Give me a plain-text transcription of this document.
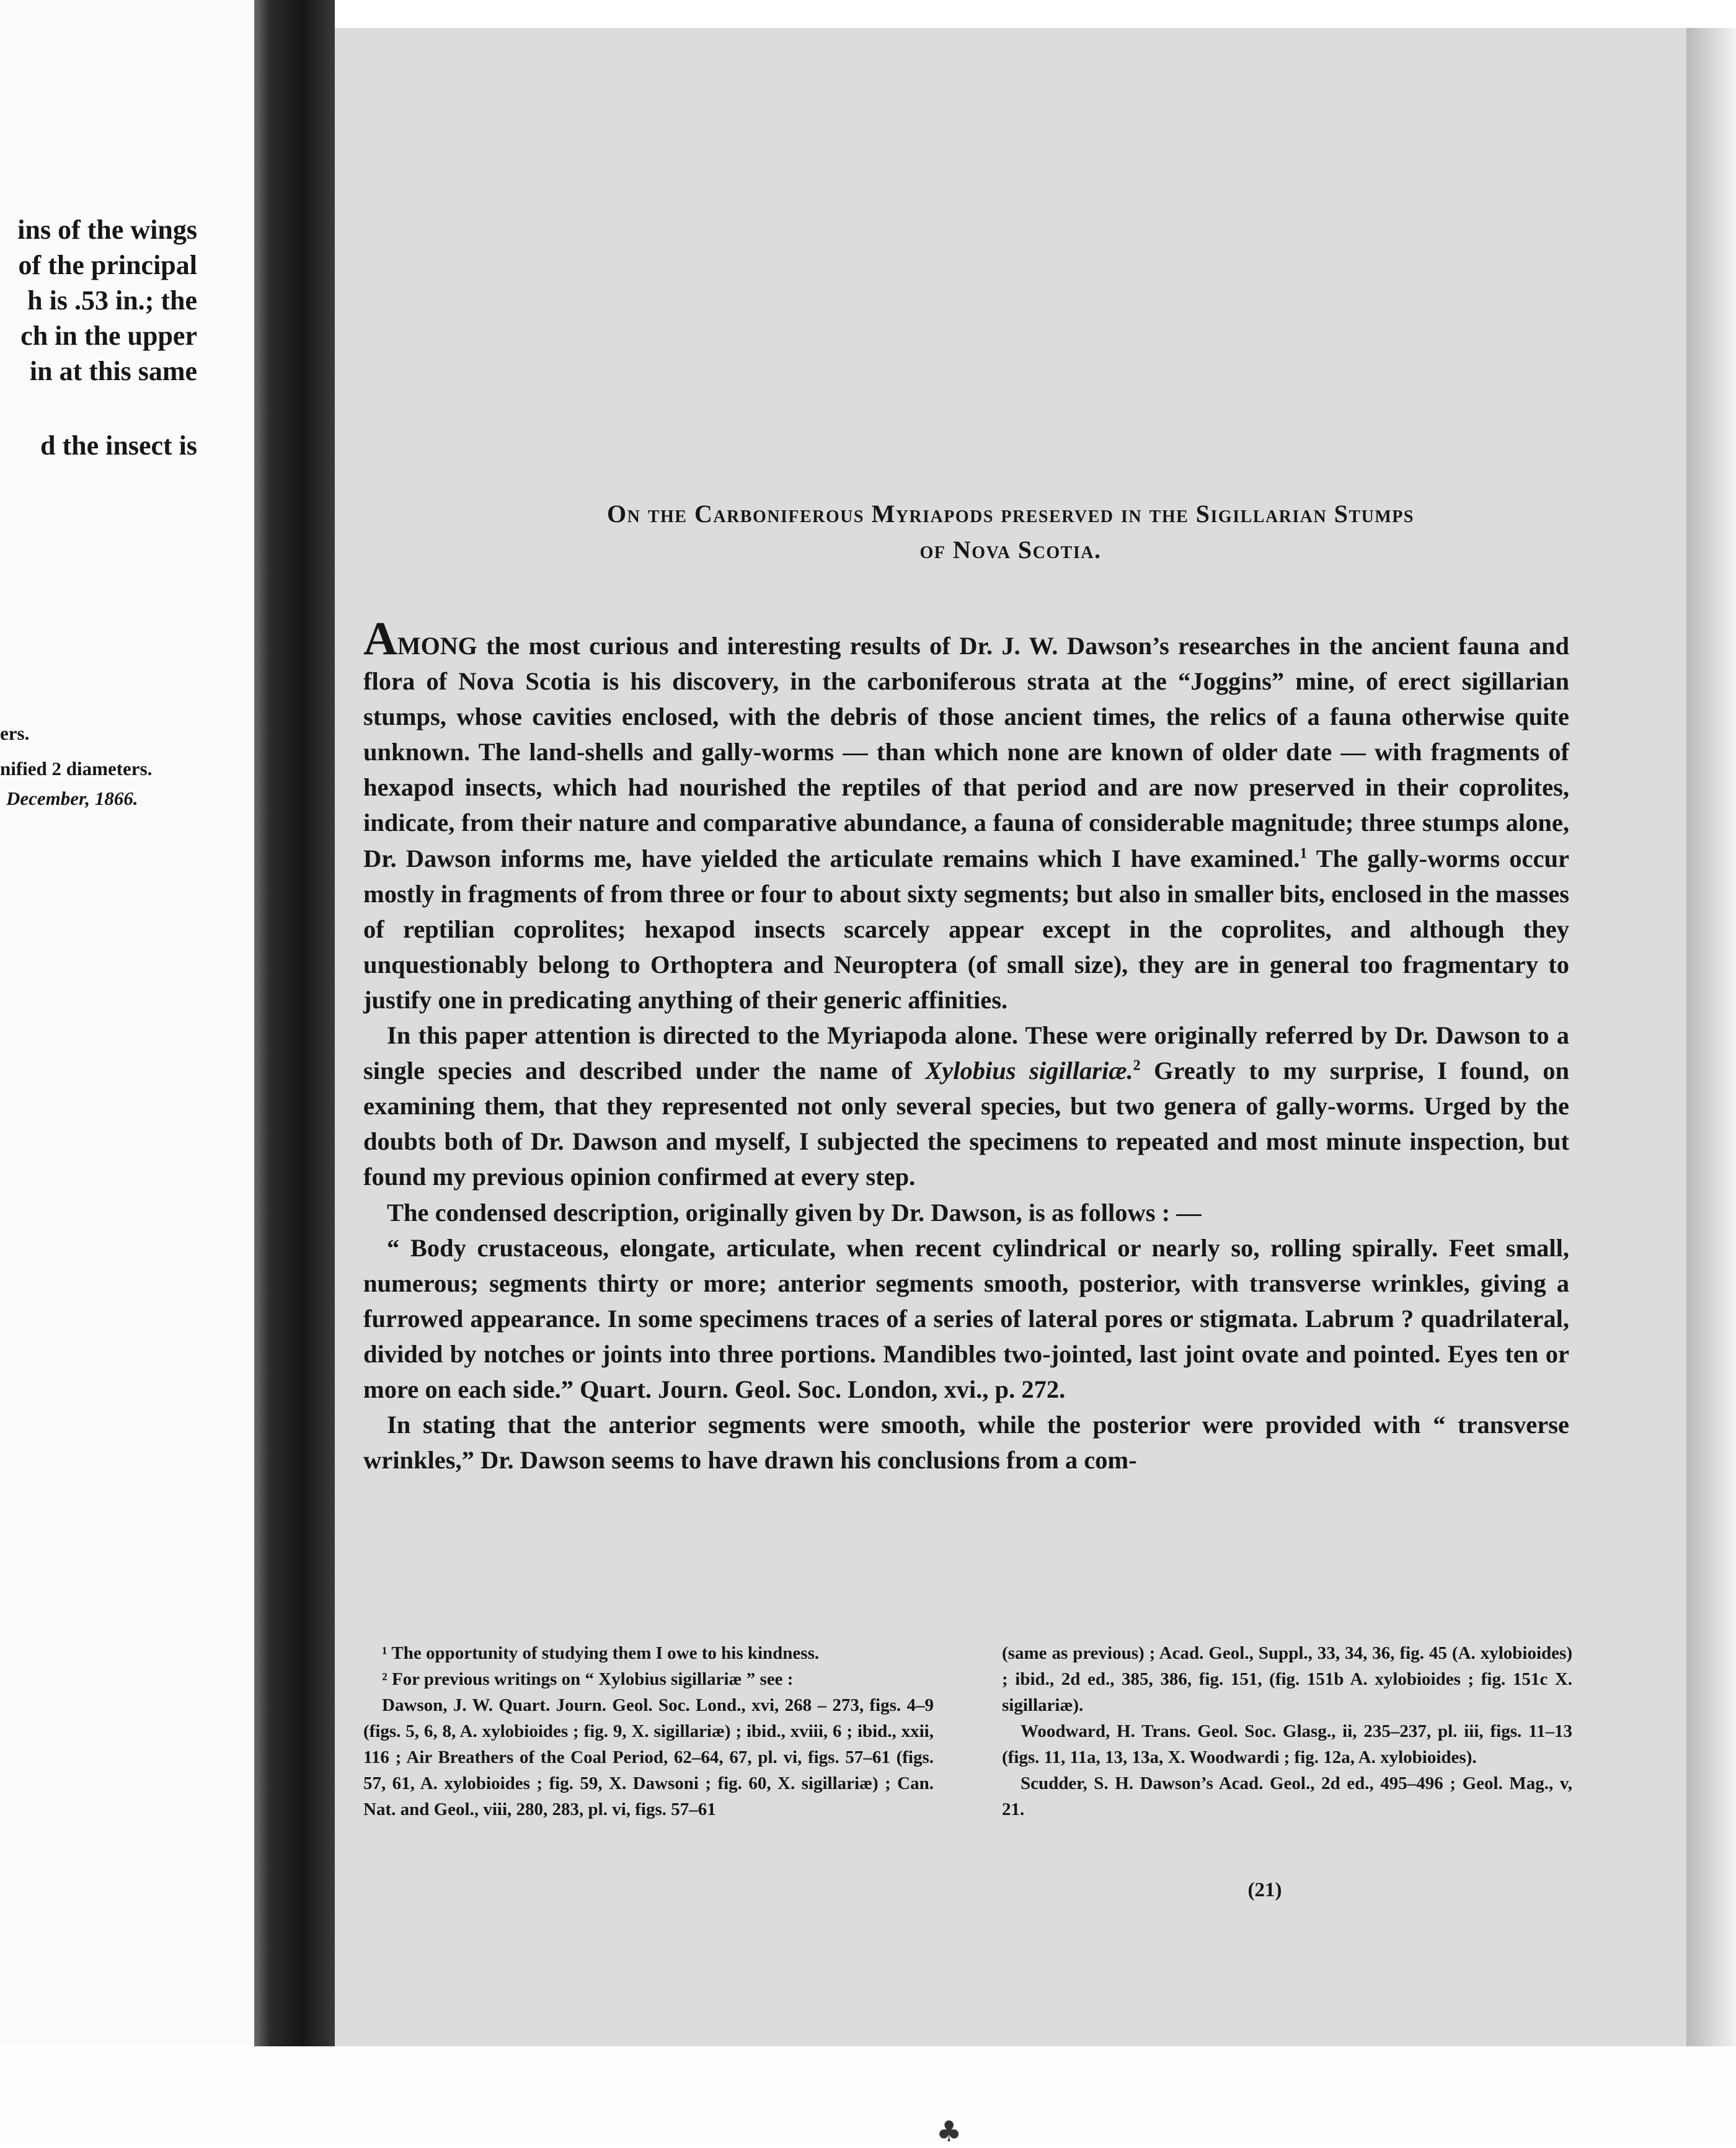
ins of the wings
of the principal
h is .53 in.; the
ch in the upper
in at this same
d the insect is
ers.
nified 2 diameters.
December, 1866.
On the Carboniferous Myriapods preserved in the Sigillarian Stumps
of Nova Scotia.

AMONG the most curious and interesting results of Dr. J. W. Dawson’s researches in the ancient fauna and flora of Nova Scotia is his discovery, in the carboniferous strata at the “Joggins” mine, of erect sigillarian stumps, whose cavities enclosed, with the debris of those ancient times, the relics of a fauna otherwise quite unknown. The land-shells and gally-worms — than which none are known of older date — with fragments of hexapod insects, which had nourished the reptiles of that period and are now preserved in their coprolites, indicate, from their nature and comparative abundance, a fauna of considerable magnitude; three stumps alone, Dr. Dawson informs me, have yielded the articulate remains which I have examined.$^1$ The gally-worms occur mostly in fragments of from three or four to about sixty segments; but also in smaller bits, enclosed in the masses of reptilian coprolites; hexapod insects scarcely appear except in the coprolites, and although they unquestionably belong to Orthoptera and Neuroptera (of small size), they are in general too fragmentary to justify one in predicating anything of their generic affinities.

In this paper attention is directed to the Myriapoda alone. These were originally referred by Dr. Dawson to a single species and described under the name of Xylobius sigillariæ.$^2$ Greatly to my surprise, I found, on examining them, that they represented not only several species, but two genera of gally-worms. Urged by the doubts both of Dr. Dawson and myself, I subjected the specimens to repeated and most minute inspection, but found my previous opinion confirmed at every step.

The condensed description, originally given by Dr. Dawson, is as follows : —

“ Body crustaceous, elongate, articulate, when recent cylindrical or nearly so, rolling spirally. Feet small, numerous; segments thirty or more; anterior segments smooth, posterior, with transverse wrinkles, giving a furrowed appearance. In some specimens traces of a series of lateral pores or stigmata. Labrum ? quadrilateral, divided by notches or joints into three portions. Mandibles two-jointed, last joint ovate and pointed. Eyes ten or more on each side.” Quart. Journ. Geol. Soc. London, xvi., p. 272.

In stating that the anterior segments were smooth, while the posterior were provided with “ transverse wrinkles,” Dr. Dawson seems to have drawn his conclusions from a com-

¹ The opportunity of studying them I owe to his kindness.

² For previous writings on “ Xylobius sigillariæ ” see :

Dawson, J. W. Quart. Journ. Geol. Soc. Lond., xvi, 268 – 273, figs. 4–9 (figs. 5, 6, 8, A. xylobioides ; fig. 9, X. sigillariæ) ; ibid., xviii, 6 ; ibid., xxii, 116 ; Air Breathers of the Coal Period, 62–64, 67, pl. vi, figs. 57–61 (figs. 57, 61, A. xylobioides ; fig. 59, X. Dawsoni ; fig. 60, X. sigillariæ) ; Can. Nat. and Geol., viii, 280, 283, pl. vi, figs. 57–61

(same as previous) ; Acad. Geol., Suppl., 33, 34, 36, fig. 45 (A. xylobioides) ; ibid., 2d ed., 385, 386, fig. 151, (fig. 151b A. xylobioides ; fig. 151c X. sigillariæ).

Woodward, H. Trans. Geol. Soc. Glasg., ii, 235–237, pl. iii, figs. 11–13 (figs. 11, 11a, 13, 13a, X. Woodwardi ; fig. 12a, A. xylobioides).

Scudder, S. H. Dawson’s Acad. Geol., 2d ed., 495–496 ; Geol. Mag., v, 21.

(21)
♣
